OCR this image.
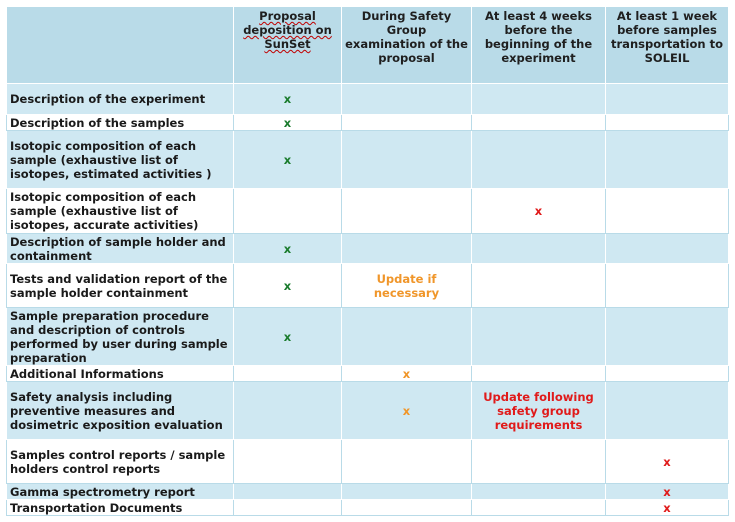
	Proposal deposition on SunSet	During Safety Group examination of the proposal	At least 4 weeks before the beginning of the experiment	At least 1 week before samples transportation to SOLEIL
Description of the experiment	x			
Description of the samples	x			
Isotopic composition of each sample (exhaustive list of isotopes, estimated activities )	x			
Isotopic composition of each sample (exhaustive list of isotopes, accurate activities)			x	
Description of sample holder and containment	x			
Tests and validation report of the sample holder containment	x	Update if necessary		
Sample preparation procedure and description of controls performed by user during sample preparation	x			
Additional Informations		x		
Safety analysis including preventive measures and dosimetric exposition evaluation		x	Update following safety group requirements	
Samples control reports / sample holders control reports				x
Gamma spectrometry report				x
Transportation Documents				x
